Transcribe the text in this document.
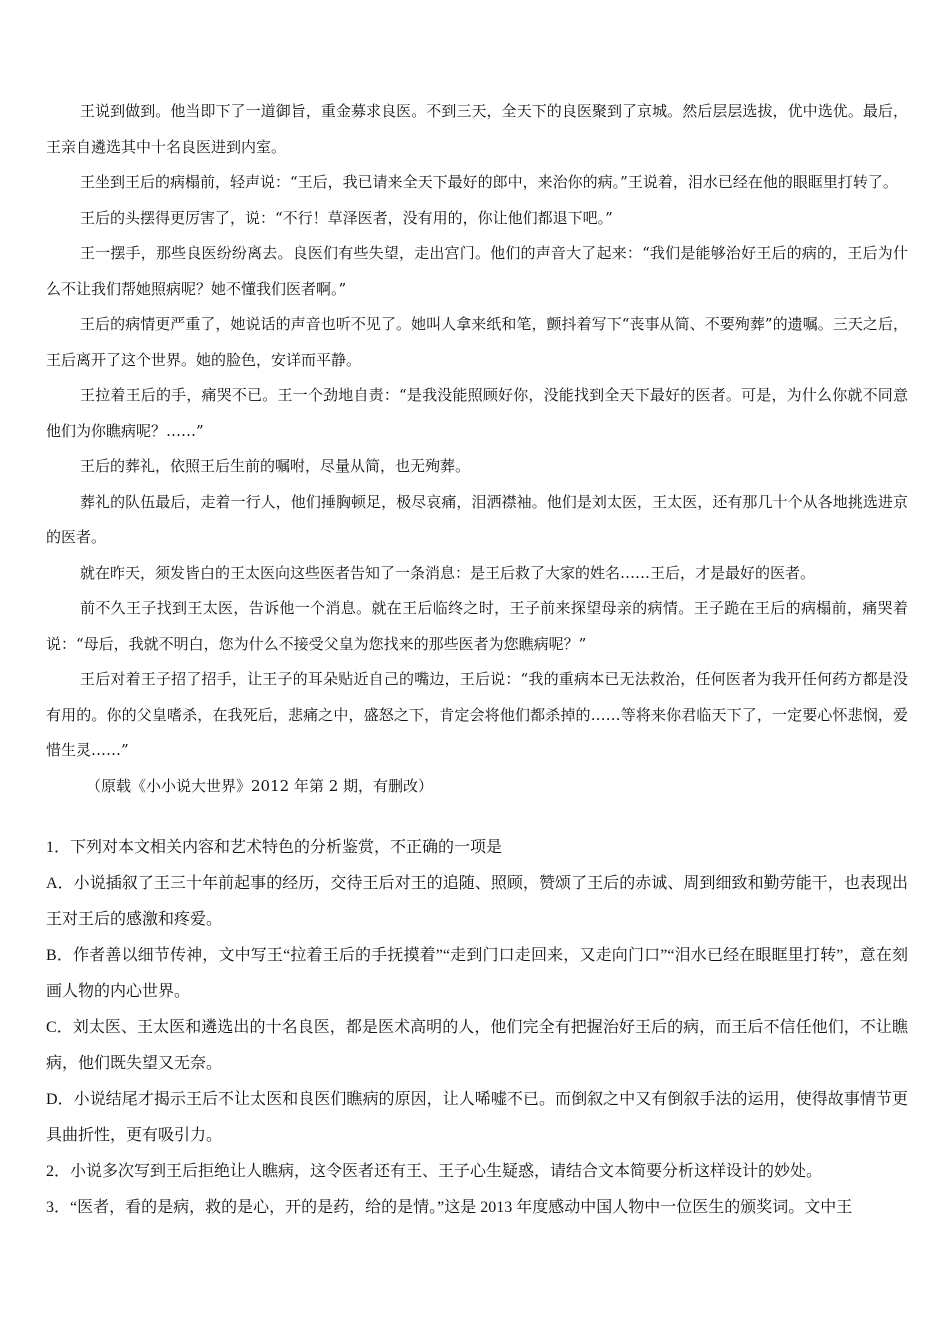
王说到做到。他当即下了一道御旨，重金募求良医。不到三天，全天下的良医聚到了京城。然后层层选拔，优中选优。最后，王亲自遴选其中十名良医进到内室。

王坐到王后的病榻前，轻声说：“王后，我已请来全天下最好的郎中，来治你的病。”王说着，泪水已经在他的眼眶里打转了。

王后的头摆得更厉害了，说：“不行！草泽医者，没有用的，你让他们都退下吧。”

王一摆手，那些良医纷纷离去。良医们有些失望，走出宫门。他们的声音大了起来：“我们是能够治好王后的病的，王后为什么不让我们帮她照病呢？她不懂我们医者啊。”

王后的病情更严重了，她说话的声音也听不见了。她叫人拿来纸和笔，颤抖着写下“丧事从简、不要殉葬”的遗嘱。三天之后，王后离开了这个世界。她的脸色，安详而平静。

王拉着王后的手，痛哭不已。王一个劲地自责：“是我没能照顾好你，没能找到全天下最好的医者。可是，为什么你就不同意他们为你瞧病呢？……”

王后的葬礼，依照王后生前的嘱咐，尽量从简，也无殉葬。

葬礼的队伍最后，走着一行人，他们捶胸顿足，极尽哀痛，泪洒襟袖。他们是刘太医，王太医，还有那几十个从各地挑选进京的医者。

就在昨天，须发皆白的王太医向这些医者告知了一条消息：是王后救了大家的姓名……王后，才是最好的医者。

前不久王子找到王太医，告诉他一个消息。就在王后临终之时，王子前来探望母亲的病情。王子跪在王后的病榻前，痛哭着说：“母后，我就不明白，您为什么不接受父皇为您找来的那些医者为您瞧病呢？”

王后对着王子招了招手，让王子的耳朵贴近自己的嘴边，王后说：“我的重病本已无法救治，任何医者为我开任何药方都是没有用的。你的父皇嗜杀，在我死后，悲痛之中，盛怒之下，肯定会将他们都杀掉的……等将来你君临天下了，一定要心怀悲悯，爱惜生灵……”

（原载《小小说大世界》2012 年第 2 期，有删改）

1．下列对本文相关内容和艺术特色的分析鉴赏，不正确的一项是

A．小说插叙了王三十年前起事的经历，交待王后对王的追随、照顾，赞颂了王后的赤诚、周到细致和勤劳能干，也表现出王对王后的感激和疼爱。

B．作者善以细节传神，文中写王“拉着王后的手抚摸着”“走到门口走回来，又走向门口”“泪水已经在眼眶里打转”，意在刻画人物的内心世界。

C．刘太医、王太医和遴选出的十名良医，都是医术高明的人，他们完全有把握治好王后的病，而王后不信任他们，不让瞧病，他们既失望又无奈。

D．小说结尾才揭示王后不让太医和良医们瞧病的原因，让人唏嘘不已。而倒叙之中又有倒叙手法的运用，使得故事情节更具曲折性，更有吸引力。

2．小说多次写到王后拒绝让人瞧病，这令医者还有王、王子心生疑惑，请结合文本简要分析这样设计的妙处。

3．“医者，看的是病，救的是心，开的是药，给的是情。”这是 2013 年度感动中国人物中一位医生的颁奖词。文中王
